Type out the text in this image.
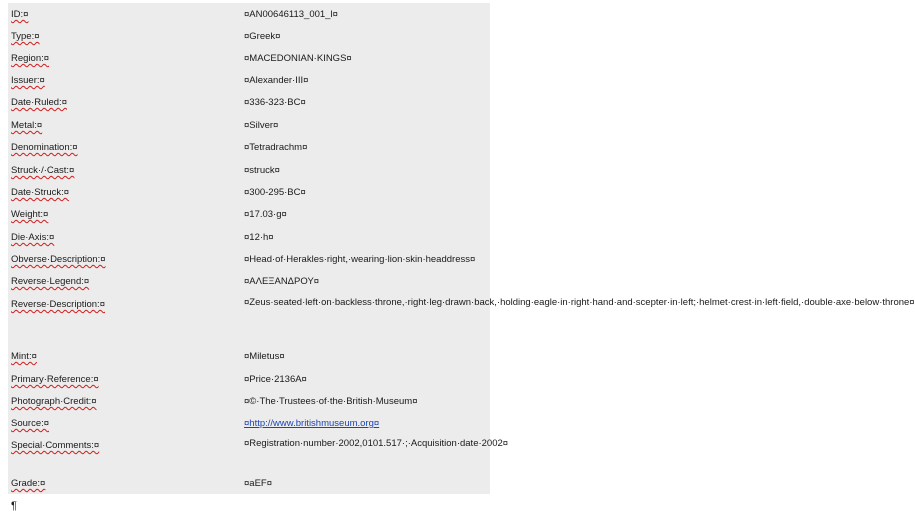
ID:¤	¤AN00646113_001_l¤
Type:¤	¤Greek¤
Region:¤	¤MACEDONIAN·KINGS¤
Issuer:¤	¤Alexander·III¤
Date·Ruled:¤	¤336-323·BC¤
Metal:¤	¤Silver¤
Denomination:¤	¤Tetradrachm¤
Struck·/·Cast:¤	¤struck¤
Date·Struck:¤	¤300-295·BC¤
Weight:¤	¤17.03·g¤
Die·Axis:¤	¤12·h¤
Obverse·Description:¤	¤Head·of·Herakles·right,·wearing·lion·skin·headdress¤
Reverse·Legend:¤	¤ΑΛΕΞΑΝΔΡΟΥ¤
Reverse·Description:¤	¤Zeus·seated·left·on·backless·throne,·right·leg·drawn·back,·holding·eagle·in·right·hand·and·scepter·in·left;·helmet·crest·in·left·field,·double·axe·below·throne¤
Mint:¤	¤Miletus¤
Primary·Reference:¤	¤Price·2136A¤
Photograph·Credit:¤	¤©·The·Trustees·of·the·British·Museum¤
Source:¤	¤http://www.britishmuseum.org¤
Special·Comments:¤	¤Registration·number·2002,0101.517·;·Acquisition·date·2002¤
Grade:¤	¤aEF¤
¶
